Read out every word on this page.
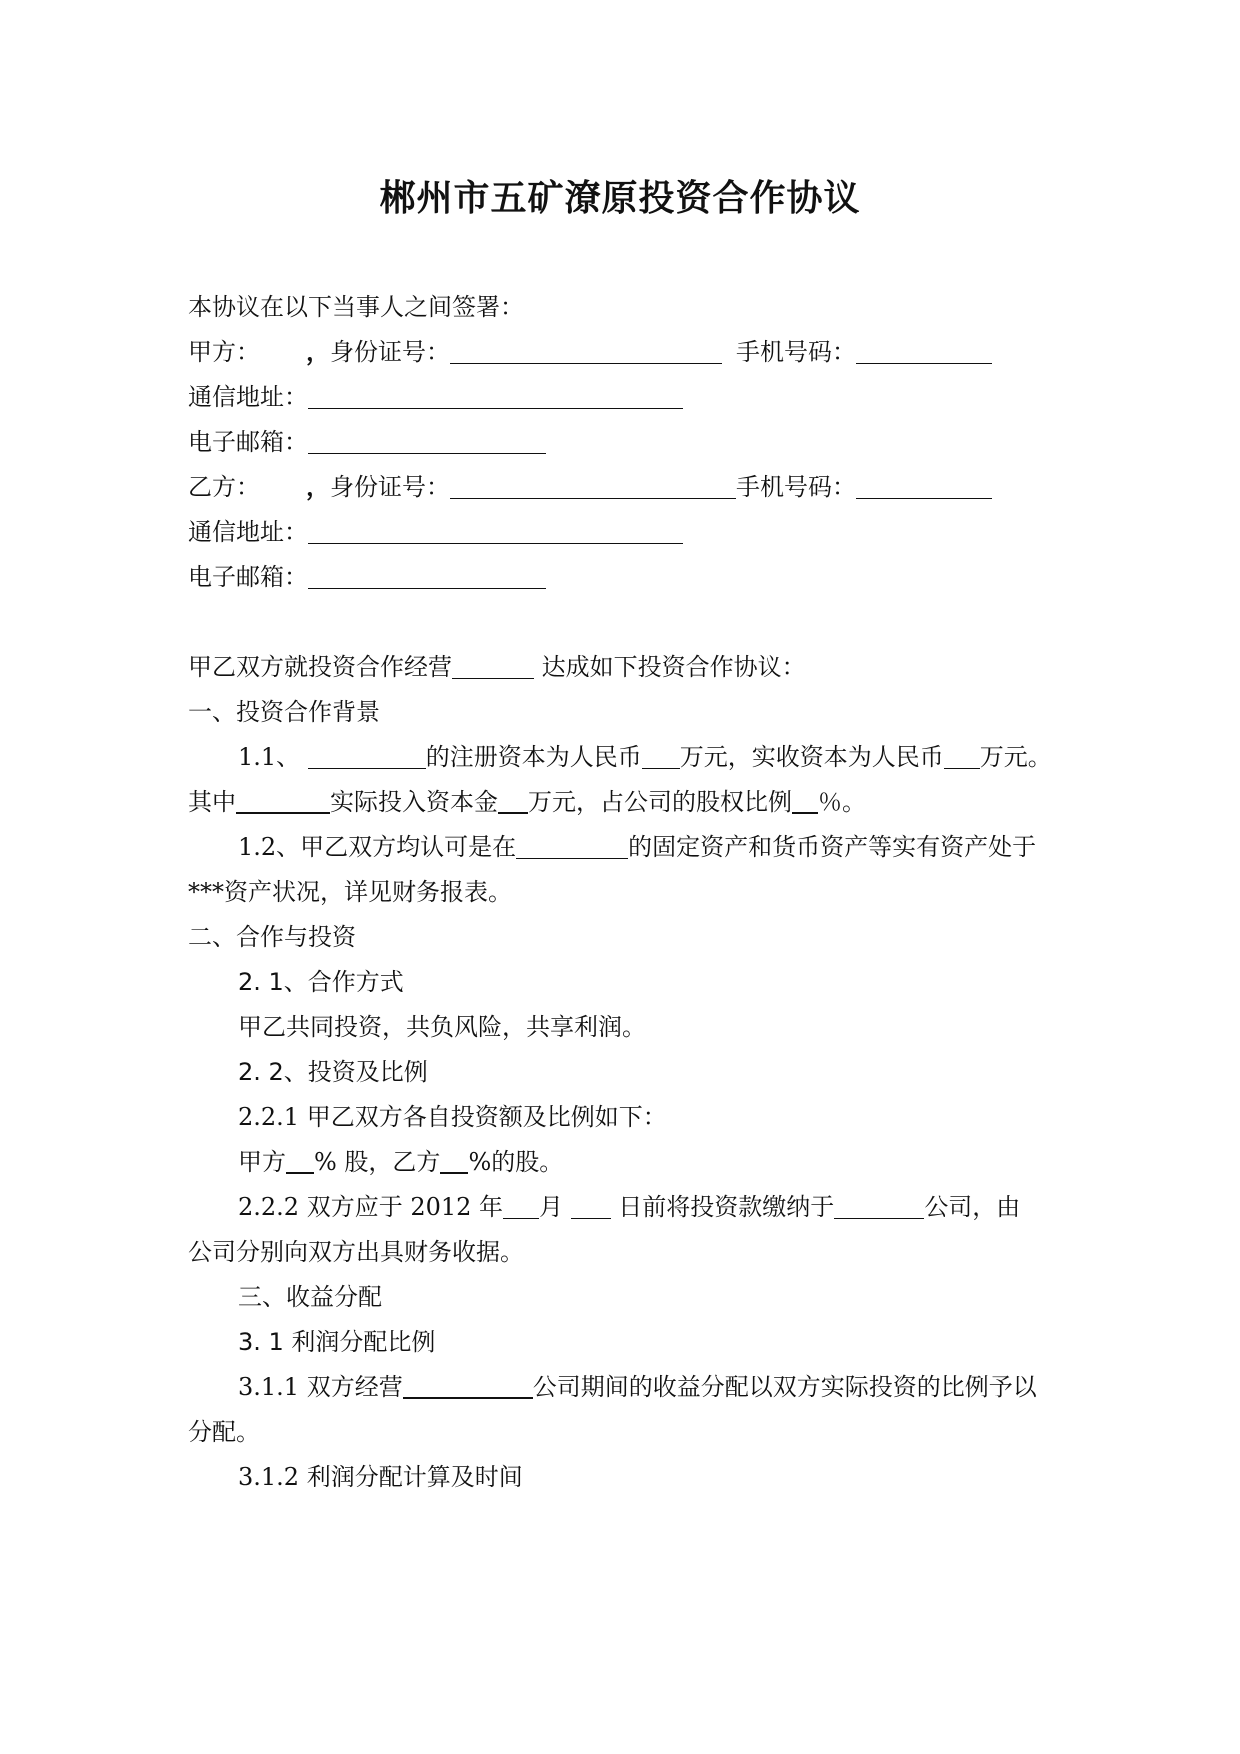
郴州市五矿潦原投资合作协议
本协议在以下当事人之间签署：
甲方： ，身份证号：	手机号码：
通信地址：
电子邮箱：
乙方： ，身份证号：	手机号码：
通信地址：
电子邮箱：
甲乙双方就投资合作经营	达成如下投资合作协议：
一、投资合作背景
1.1、	的注册资本为人民币 万元，实收资本为人民币 万元。
其中	实际投入资本金 万元，占公司的股权比例 ％。
1.2、甲乙双方均认可是在	的固定资产和货币资产等实有资产处于
***资产状况，详见财务报表。
二、合作与投资
2. 1、合作方式
甲乙共同投资，共负风险，共享利润。
2. 2、投资及比例
2.2.1 甲乙双方各自投资额及比例如下：
甲方 % 股，乙方 %的股。
2.2.2 双方应于 2012 年 月  日前将投资款缴纳于	公司，由
公司分别向双方出具财务收据。
三、收益分配
3. 1 利润分配比例
3.1.1 双方经营	公司期间的收益分配以双方实际投资的比例予以
分配。
3.1.2 利润分配计算及时间
